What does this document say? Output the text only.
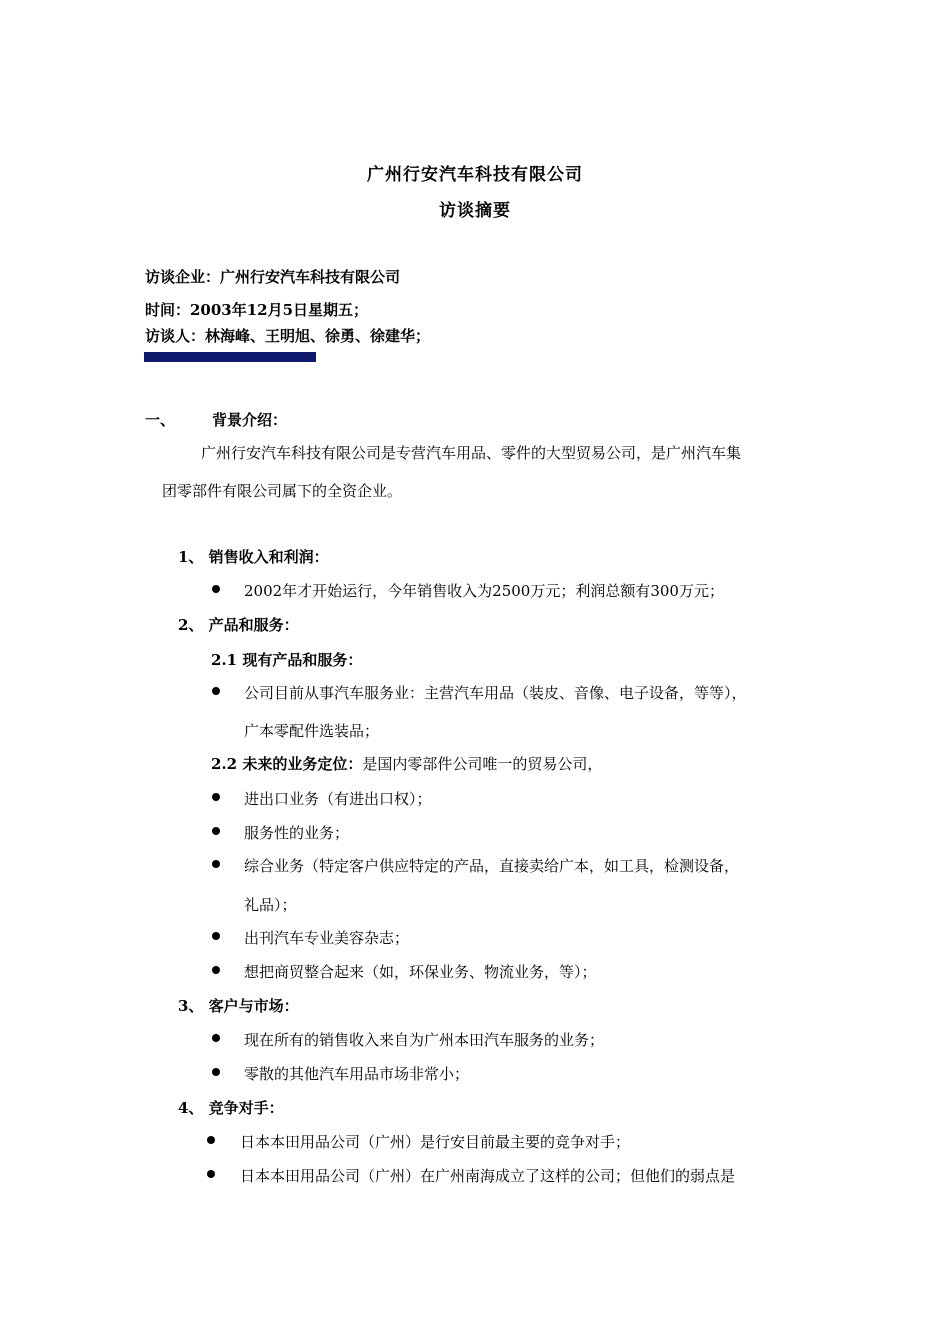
广州行安汽车科技有限公司
访谈摘要
访谈企业：广州行安汽车科技有限公司
时间：2003年12月5日星期五；
访谈人：林海峰、王明旭、徐勇、徐建华；
一、 背景介绍：
广州行安汽车科技有限公司是专营汽车用品、零件的大型贸易公司，是广州汽车集
团零部件有限公司属下的全资企业。
1、 销售收入和利润：
2002年才开始运行，今年销售收入为2500万元；利润总额有300万元；
2、 产品和服务：
2.1 现有产品和服务：
公司目前从事汽车服务业：主营汽车用品（装皮、音像、电子设备，等等），
广本零配件选装品；
2.2 未来的业务定位：是国内零部件公司唯一的贸易公司，
进出口业务（有进出口权）；
服务性的业务；
综合业务（特定客户供应特定的产品，直接卖给广本，如工具，检测设备，
礼品）；
出刊汽车专业美容杂志；
想把商贸整合起来（如，环保业务、物流业务，等）；
3、 客户与市场：
现在所有的销售收入来自为广州本田汽车服务的业务；
零散的其他汽车用品市场非常小；
4、 竞争对手：
日本本田用品公司（广州）是行安目前最主要的竞争对手；
日本本田用品公司（广州）在广州南海成立了这样的公司；但他们的弱点是
